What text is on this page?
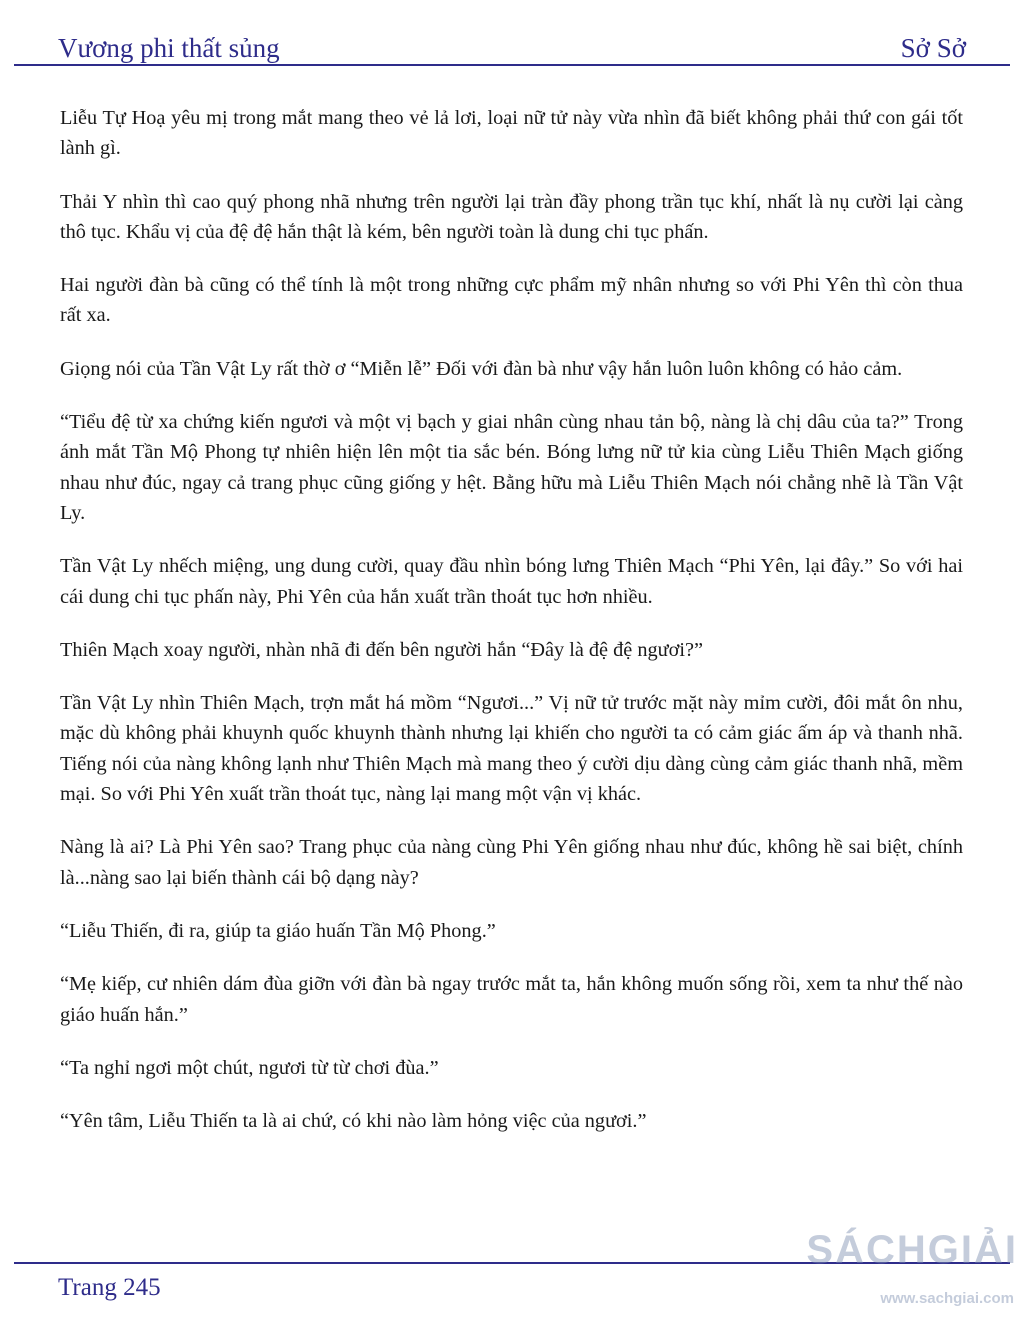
Vương phi thất sủng	Sở Sở

Liễu Tự Hoạ yêu mị trong mắt mang theo vẻ lả lơi, loại nữ tử này vừa nhìn đã biết không phải thứ con gái tốt lành gì.

Thải Y nhìn thì cao quý phong nhã nhưng trên người lại tràn đầy phong trần tục khí, nhất là nụ cười lại càng thô tục. Khẩu vị của đệ đệ hắn thật là kém, bên người toàn là dung chi tục phấn.

Hai người đàn bà cũng có thể tính là một trong những cực phẩm mỹ nhân nhưng so với Phi Yên thì còn thua rất xa.

Giọng nói của Tần Vật Ly rất thờ ơ “Miễn lễ” Đối với đàn bà như vậy hắn luôn luôn không có hảo cảm.

“Tiểu đệ từ xa chứng kiến ngươi và một vị bạch y giai nhân cùng nhau tản bộ, nàng là chị dâu của ta?” Trong ánh mắt Tần Mộ Phong tự nhiên hiện lên một tia sắc bén. Bóng lưng nữ tử kia cùng Liễu Thiên Mạch giống nhau như đúc, ngay cả trang phục cũng giống y hệt. Bằng hữu mà Liễu Thiên Mạch nói chẳng nhẽ là Tần Vật Ly.

Tần Vật Ly nhếch miệng, ung dung cười, quay đầu nhìn bóng lưng Thiên Mạch “Phi Yên, lại đây.” So với hai cái dung chi tục phấn này, Phi Yên của hắn xuất trần thoát tục hơn nhiều.

Thiên Mạch xoay người, nhàn nhã đi đến bên người hắn “Đây là đệ đệ ngươi?”

Tần Vật Ly nhìn Thiên Mạch, trợn mắt há mồm “Ngươi...” Vị nữ tử trước mặt này mỉm cười, đôi mắt ôn nhu, mặc dù không phải khuynh quốc khuynh thành nhưng lại khiến cho người ta có cảm giác ấm áp và thanh nhã. Tiếng nói của nàng không lạnh như Thiên Mạch mà mang theo ý cười dịu dàng cùng cảm giác thanh nhã, mềm mại. So với Phi Yên xuất trần thoát tục, nàng lại mang một vận vị khác.

Nàng là ai? Là Phi Yên sao? Trang phục của nàng cùng Phi Yên giống nhau như đúc, không hề sai biệt, chính là...nàng sao lại biến thành cái bộ dạng này?

“Liễu Thiến, đi ra, giúp ta giáo huấn Tần Mộ Phong.”

“Mẹ kiếp, cư nhiên dám đùa giỡn với đàn bà ngay trước mắt ta, hắn không muốn sống rồi, xem ta như thế nào giáo huấn hắn.”

“Ta nghỉ ngơi một chút, ngươi từ từ chơi đùa.”

“Yên tâm, Liễu Thiến ta là ai chứ, có khi nào làm hỏng việc của ngươi.”

Trang 245
SÁCHGIẢI
www.sachgiai.com
